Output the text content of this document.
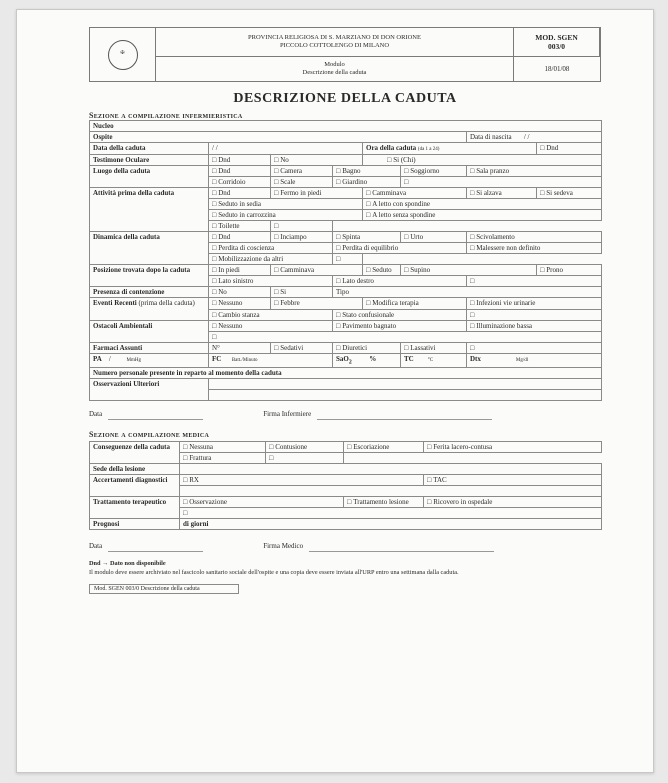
✠
PROVINCIA RELIGIOSA DI S. MARZIANO DI DON ORIONE
PICCOLO COTTOLENGO DI MILANO
MOD. SGEN
003/0
Modulo
Descrizione della caduta	18/01/08
DESCRIZIONE DELLA CADUTA
Sezione a compilazione infermieristica
Nucleo							
Ospite						Data di nascita / /	
Data della caduta	/ /			Ora della caduta (da 1 a 24)			□ Dnd
Testimone Oculare	□ Dnd	□ No		□ Si (Chi)
Luogo della caduta	□ Dnd	□ Camera	□ Bagno		□ Soggiorno	□ Sala pranzo
	□ Corridoio	□ Scale	□ Giardino	□
Attività prima della caduta	□ Dnd	□ Fermo in piedi		□ Camminava		□ Si alzava	□ Si sedeva
	□ Seduto in sedia			□ A letto con spondine
	□ Seduto in carrozzina			□ A letto senza spondine
	□ Toilette	□	
Dinamica della caduta	□ Dnd	□ Inciampo	□ Spinta		□ Urto	□ Scivolamento
	□ Perdita di coscienza		□ Perdita di equilibrio			□ Malessere non definito
	□ Mobilizzazione da altri	□	
Posizione trovata dopo la caduta	□ In piedi	□ Camminava		□ Seduto	□ Supino		□ Prono
	□ Lato sinistro		□ Lato destro	□
Presenza di contenzione	□ No	□ Si	Tipo				
Eventi Recenti (prima della caduta)	□ Nessuno	□ Febbre		□ Modifica terapia		□ Infezioni vie urinarie
	□ Cambio stanza		□ Stato confusionale	□
Ostacoli Ambientali	□ Nessuno		□ Pavimento bagnato			□ Illuminazione bassa
□
Farmaci Assunti	N°	□ Sedativi	□ Diuretici		□ Lassativi	□
PA / MmHg	FC Batt./Minuto		SaO$_2$ %		TC °C	Dtx Mg/dl	
Numero personale presente in reparto al momento della caduta							
Osservazioni Ulteriori							

Data	Firma Infermiere
Sezione a compilazione medica
Conseguenze della caduta	□ Nessuna	□ Contusione	□ Escoriazione	□ Ferita lacero-contusa
	□ Frattura	□	
Sede della lesione				
Accertamenti diagnostici	□ RX			□ TAC

Trattamento terapeutico	□ Osservazione		□ Trattamento lesione	□ Ricovero in ospedale
□
Prognosi	di giorni			
Data	Firma Medico
Dnd → Dato non disponibile
Il modulo deve essere archiviato nel fascicolo sanitario sociale dell'ospite e una copia deve essere inviata all'URP entro una settimana dalla caduta.
Mod. SGEN 003/0 Descrizione della caduta
